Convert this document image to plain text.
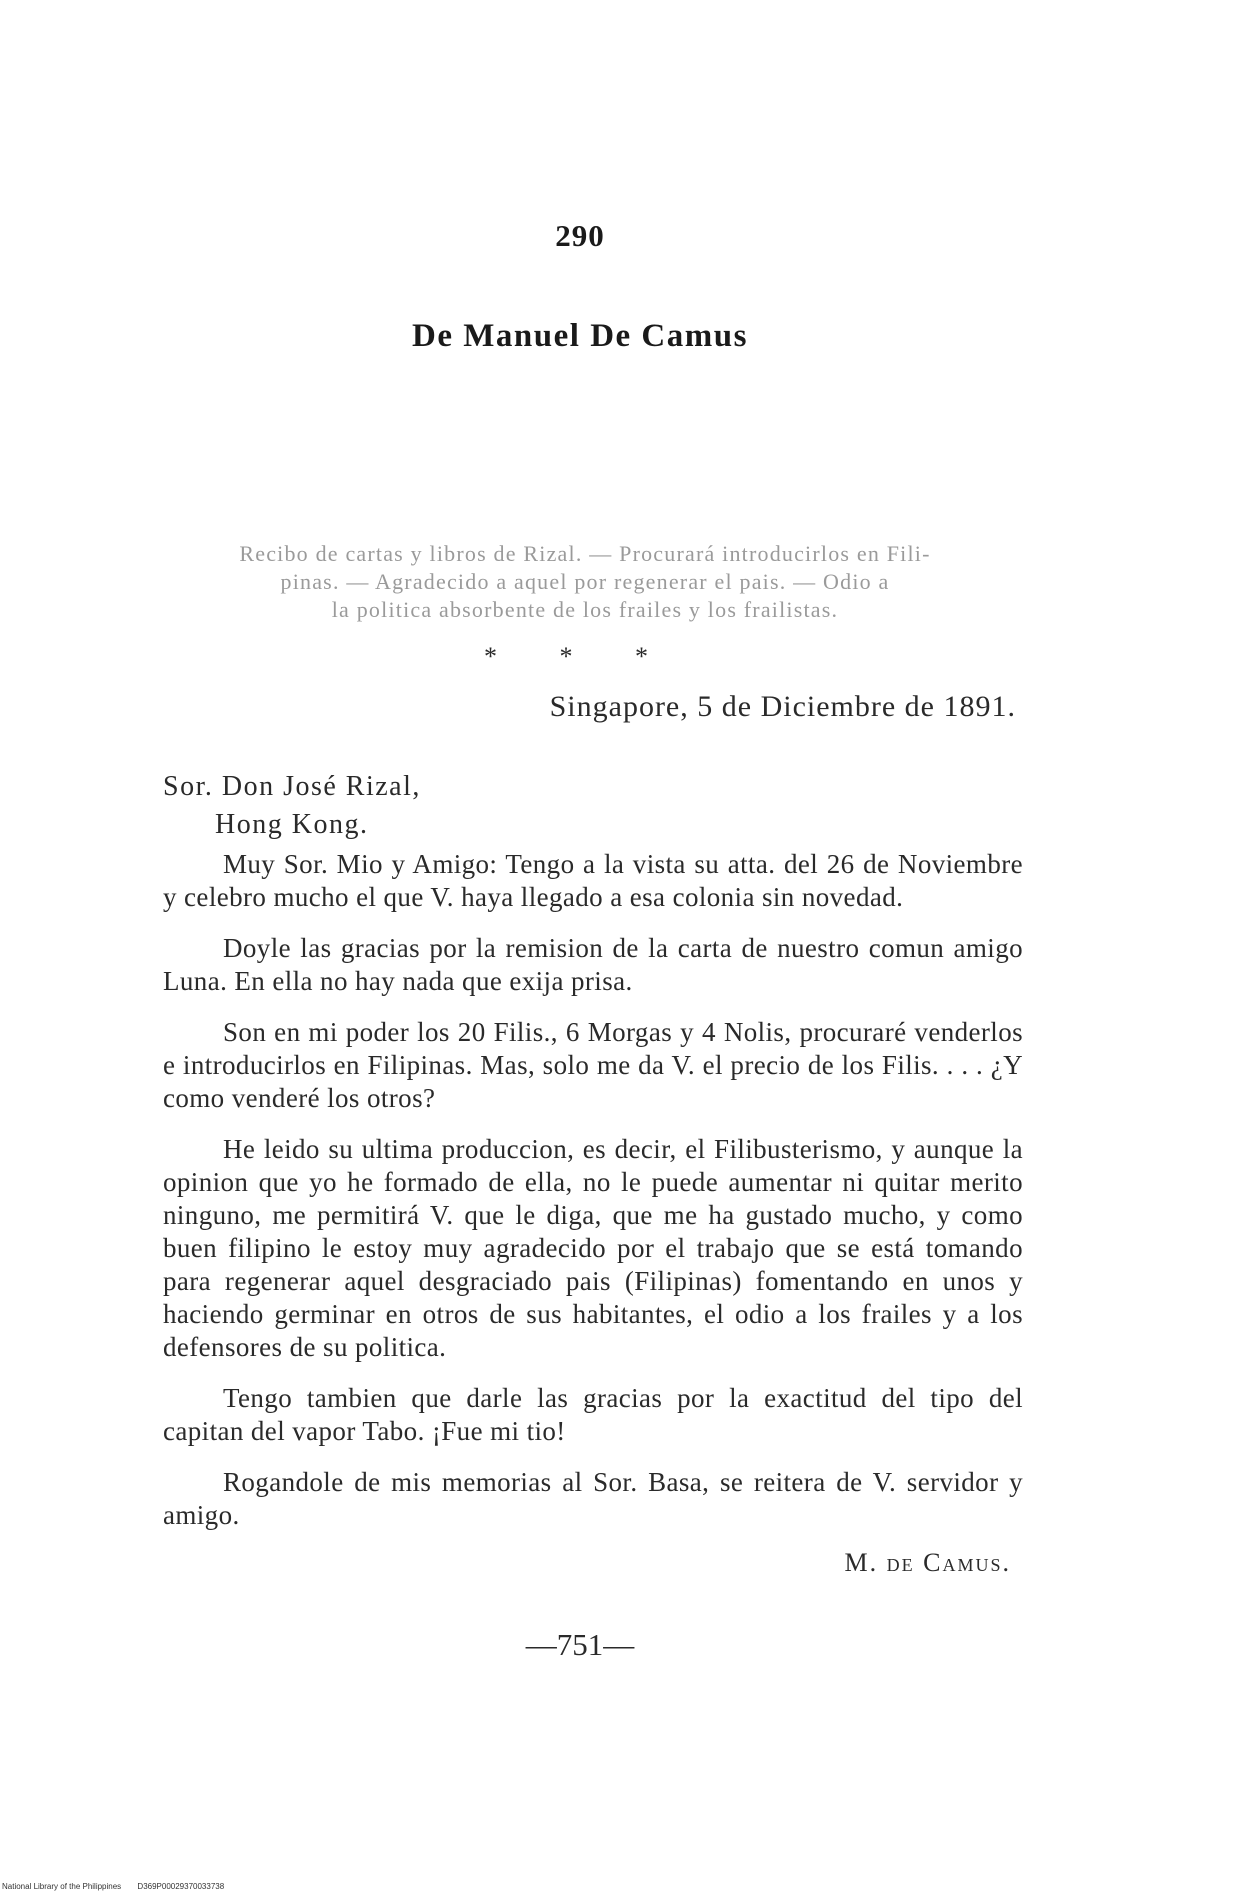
290
De Manuel De Camus
Recibo de cartas y libros de Rizal. — Procurará introducirlos en Fili-
pinas. — Agradecido a aquel por regenerar el pais. — Odio a
la politica absorbente de los frailes y los frailistas.
* * *
Singapore, 5 de Diciembre de 1891.
Sor. Don José Rizal,
Hong Kong.

Muy Sor. Mio y Amigo: Tengo a la vista su atta. del 26 de Noviembre y celebro mucho el que V. haya llegado a esa colonia sin novedad.

Doyle las gracias por la remision de la carta de nuestro comun amigo Luna. En ella no hay nada que exija prisa.

Son en mi poder los 20 Filis., 6 Morgas y 4 Nolis, procuraré venderlos e introducirlos en Filipinas. Mas, solo me da V. el precio de los Filis. . . . ¿Y como venderé los otros?

He leido su ultima produccion, es decir, el Filibusterismo, y aunque la opinion que yo he formado de ella, no le puede aumentar ni quitar merito ninguno, me permitirá V. que le diga, que me ha gustado mucho, y como buen filipino le estoy muy agradecido por el trabajo que se está tomando para regenerar aquel desgraciado pais (Filipinas) fomentando en unos y haciendo germinar en otros de sus habitantes, el odio a los frailes y a los defensores de su politica.

Tengo tambien que darle las gracias por la exactitud del tipo del capitan del vapor Tabo. ¡Fue mi tio!

Rogandole de mis memorias al Sor. Basa, se reitera de V. servidor y amigo.

M. de Camus.
—751—
National Library of the Philippines D369P00029370033738
